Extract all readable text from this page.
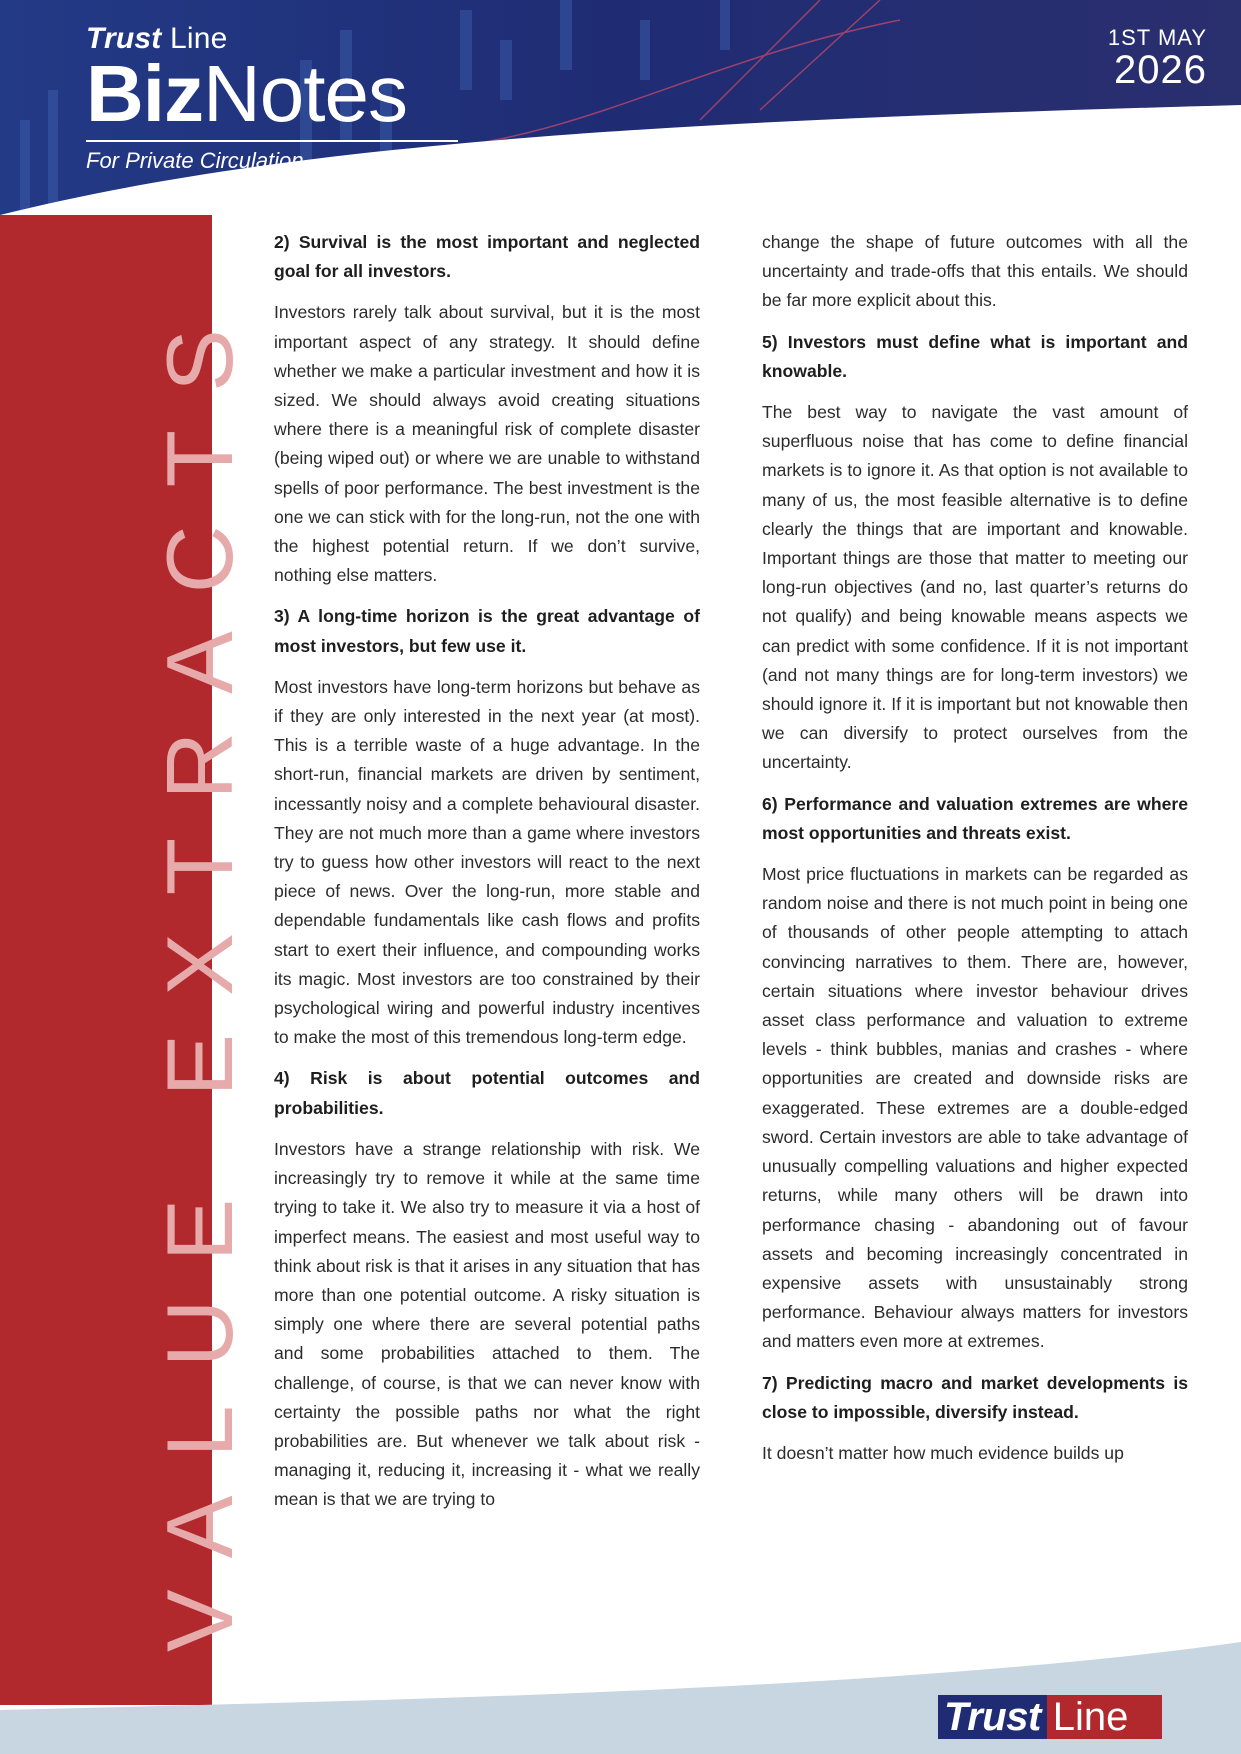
Trust Line
BizNotes
For Private Circulation
1ST MAY
2026
VALUE EXTRACTS
2) Survival is the most important and neglected goal for all investors.

Investors rarely talk about survival, but it is the most important aspect of any strategy. It should define whether we make a particular investment and how it is sized. We should always avoid creating situations where there is a meaningful risk of complete disaster (being wiped out) or where we are unable to withstand spells of poor performance. The best investment is the one we can stick with for the long-run, not the one with the highest potential return. If we don’t survive, nothing else matters.

3) A long-time horizon is the great advantage of most investors, but few use it.

Most investors have long-term horizons but behave as if they are only interested in the next year (at most). This is a terrible waste of a huge advantage. In the short-run, financial markets are driven by sentiment, incessantly noisy and a complete behavioural disaster. They are not much more than a game where investors try to guess how other investors will react to the next piece of news. Over the long-run, more stable and dependable fundamentals like cash flows and profits start to exert their influence, and compounding works its magic. Most investors are too constrained by their psychological wiring and powerful industry incentives to make the most of this tremendous long-term edge.

4) Risk is about potential outcomes and probabilities.

Investors have a strange relationship with risk. We increasingly try to remove it while at the same time trying to take it. We also try to measure it via a host of imperfect means. The easiest and most useful way to think about risk is that it arises in any situation that has more than one potential outcome. A risky situation is simply one where there are several potential paths and some probabilities attached to them. The challenge, of course, is that we can never know with certainty the possible paths nor what the right probabilities are. But whenever we talk about risk - managing it, reducing it, increasing it - what we really mean is that we are trying to

change the shape of future outcomes with all the uncertainty and trade-offs that this entails. We should be far more explicit about this.

5) Investors must define what is important and knowable.

The best way to navigate the vast amount of superfluous noise that has come to define financial markets is to ignore it. As that option is not available to many of us, the most feasible alternative is to define clearly the things that are important and knowable. Important things are those that matter to meeting our long-run objectives (and no, last quarter’s returns do not qualify) and being knowable means aspects we can predict with some confidence. If it is not important (and not many things are for long-term investors) we should ignore it. If it is important but not knowable then we can diversify to protect ourselves from the uncertainty.

6) Performance and valuation extremes are where most opportunities and threats exist.

Most price fluctuations in markets can be regarded as random noise and there is not much point in being one of thousands of other people attempting to attach convincing narratives to them. There are, however, certain situations where investor behaviour drives asset class performance and valuation to extreme levels - think bubbles, manias and crashes - where opportunities are created and downside risks are exaggerated. These extremes are a double-edged sword. Certain investors are able to take advantage of unusually compelling valuations and higher expected returns, while many others will be drawn into performance chasing - abandoning out of favour assets and becoming increasingly concentrated in expensive assets with unsustainably strong performance. Behaviour always matters for investors and matters even more at extremes.

7) Predicting macro and market developments is close to impossible, diversify instead.

It doesn’t matter how much evidence builds up

Trust Line
